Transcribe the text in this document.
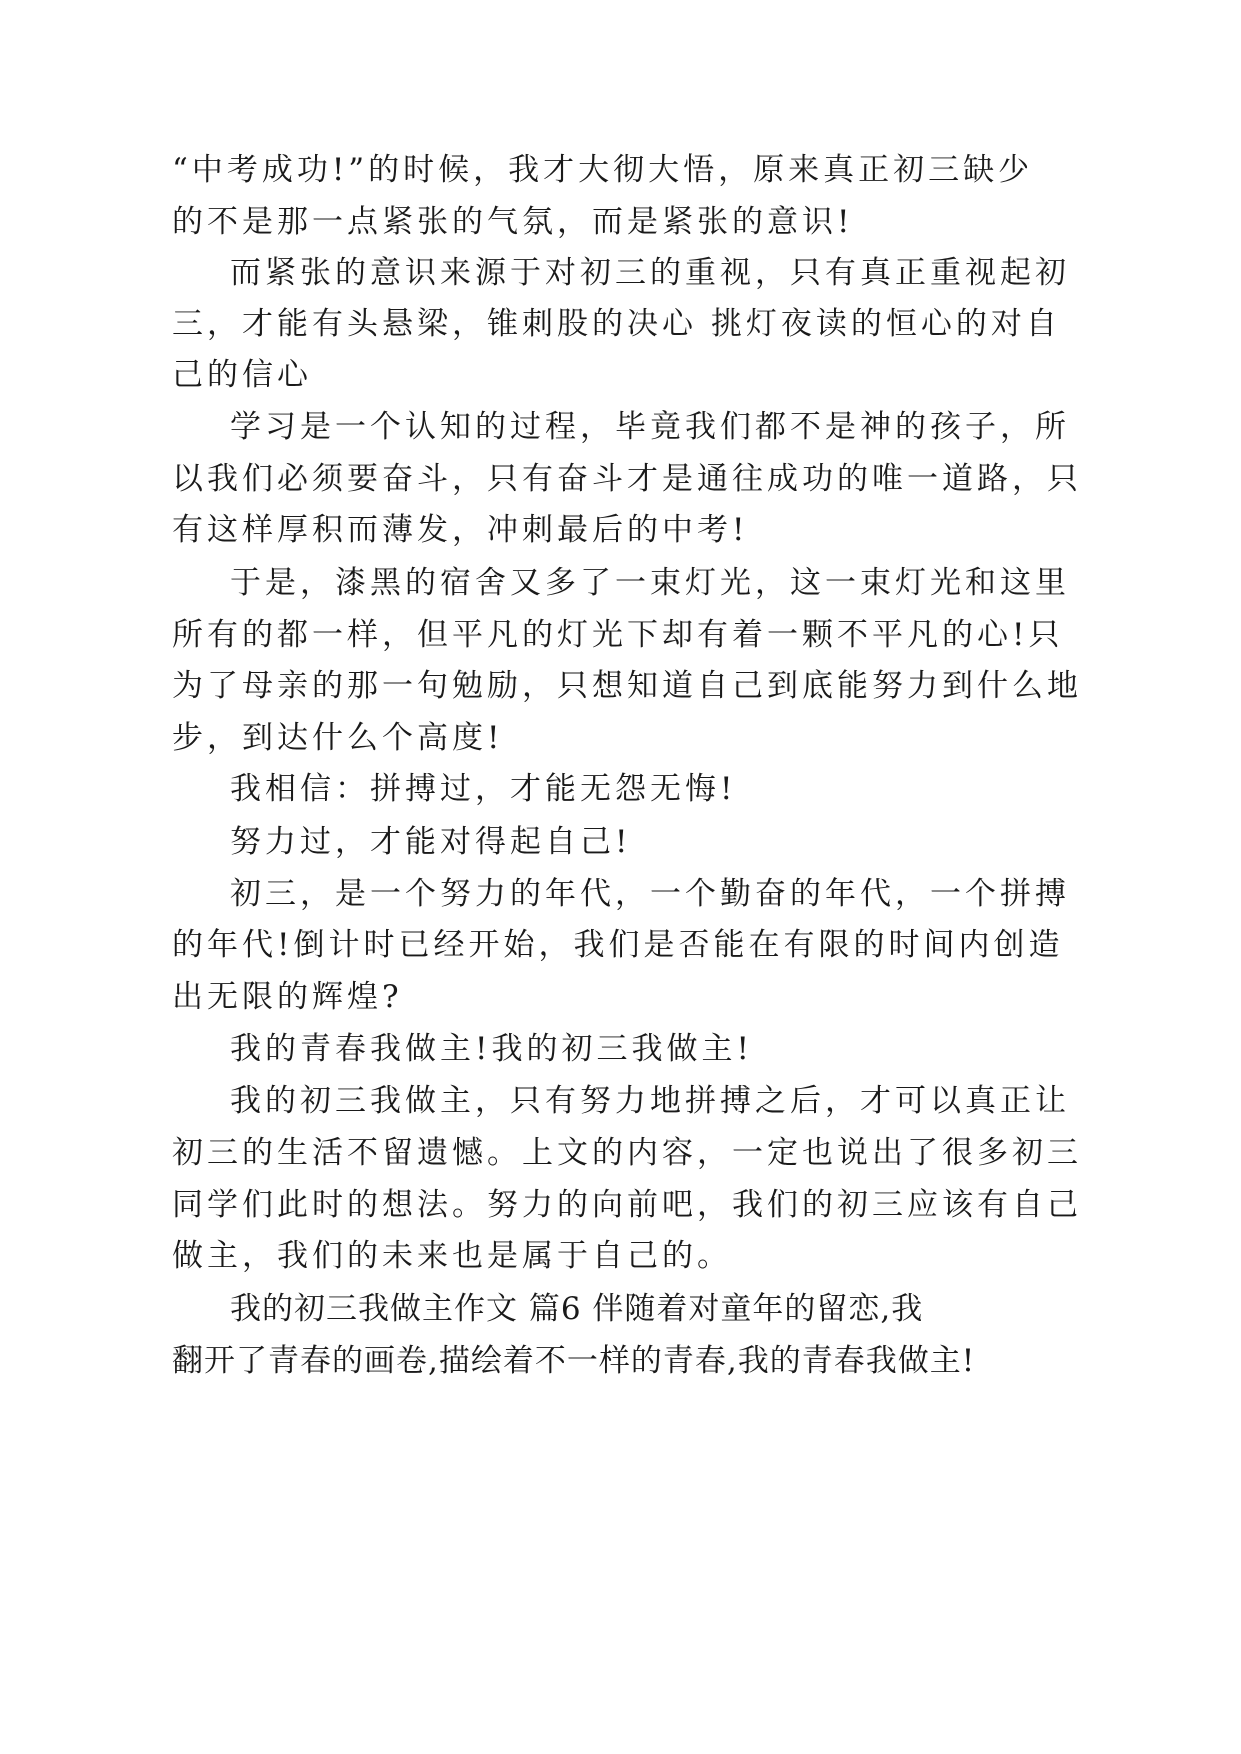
“中考成功!”的时候，我才大彻大悟，原来真正初三缺少
的不是那一点紧张的气氛，而是紧张的意识!
而紧张的意识来源于对初三的重视，只有真正重视起初
三，才能有头悬梁，锥刺股的决心 挑灯夜读的恒心的对自
己的信心
学习是一个认知的过程，毕竟我们都不是神的孩子，所
以我们必须要奋斗，只有奋斗才是通往成功的唯一道路，只
有这样厚积而薄发，冲刺最后的中考!
于是，漆黑的宿舍又多了一束灯光，这一束灯光和这里
所有的都一样，但平凡的灯光下却有着一颗不平凡的心!只
为了母亲的那一句勉励，只想知道自己到底能努力到什么地
步，到达什么个高度!
我相信：拼搏过，才能无怨无悔!
努力过，才能对得起自己!
初三，是一个努力的年代，一个勤奋的年代，一个拼搏
的年代!倒计时已经开始，我们是否能在有限的时间内创造
出无限的辉煌?
我的青春我做主!我的初三我做主!
我的初三我做主，只有努力地拼搏之后，才可以真正让
初三的生活不留遗憾。上文的内容，一定也说出了很多初三
同学们此时的想法。努力的向前吧，我们的初三应该有自己
做主，我们的未来也是属于自己的。
我的初三我做主作文 篇6 伴随着对童年的留恋,我
翻开了青春的画卷,描绘着不一样的青春,我的青春我做主!
